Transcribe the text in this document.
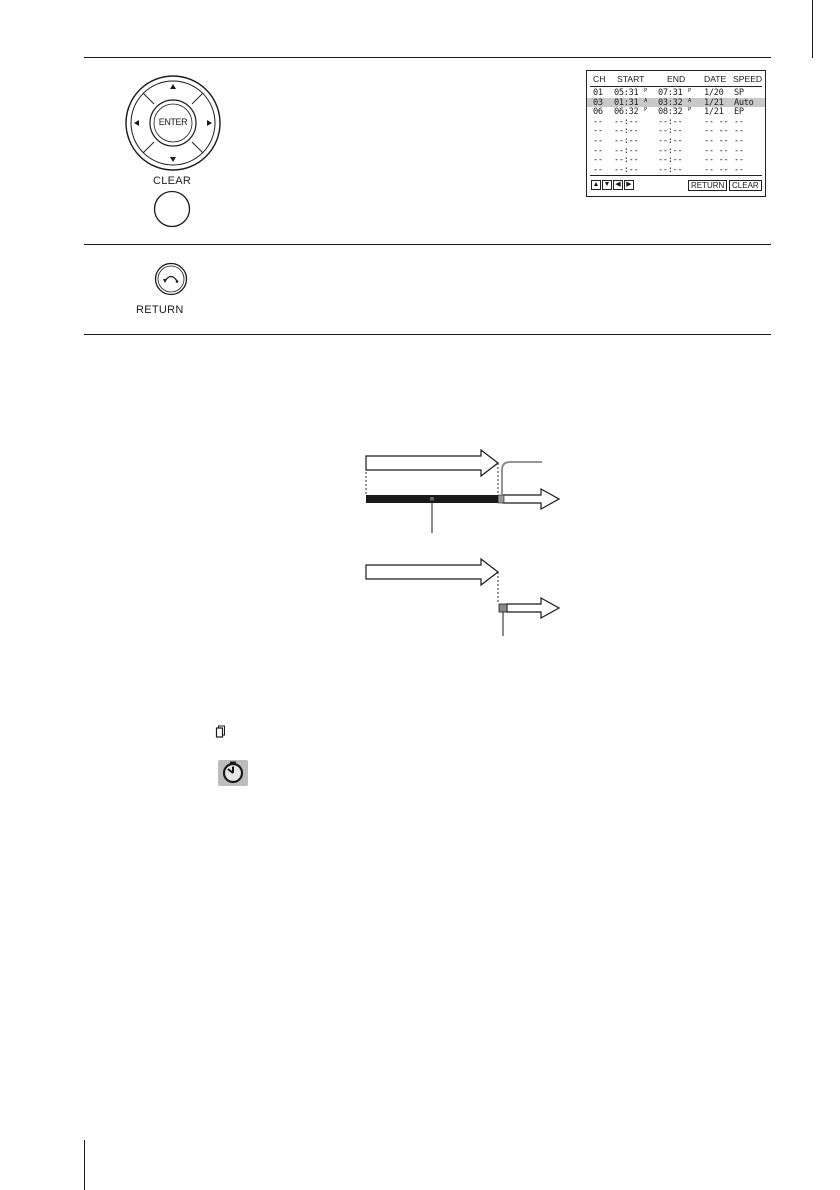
ENTER
CLEAR
CH START	END DATE SPEED
01 05:31 P 07:31 P 1/20 SP
03 01:31 A 03:32 A 1/21 Auto
06 06:32 P 08:32 P 1/21 EP
-- --:-- --:--	-- -- --
-- --:-- --:--	-- -- --
-- --:-- --:--	-- -- --
-- --:-- --:--	-- -- --
-- --:-- --:--	-- -- --
-- --:-- --:--	-- -- --
▲ ▼ ◀ ▶	RETURN CLEAR
RETURN
